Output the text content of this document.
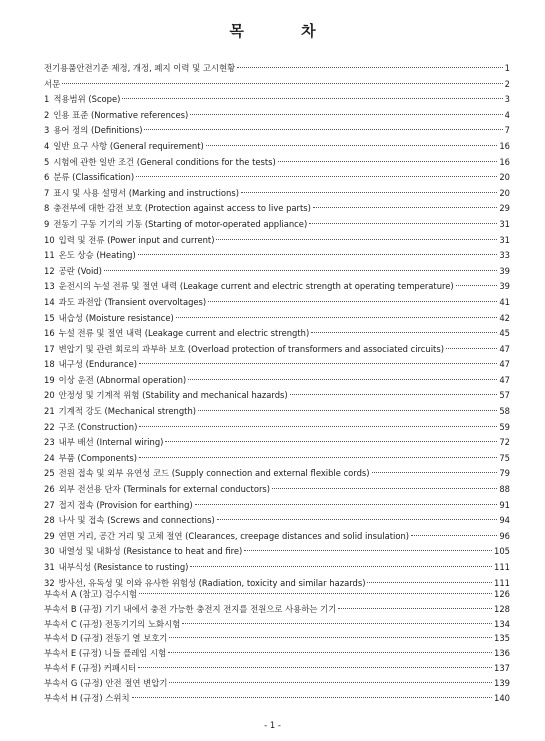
목 차
전기용품안전기준 제정, 개정, 폐지 이력 및 고시현황	1
서문	2
1 적용범위 (Scope)	3
2 인용 표준 (Normative references)	4
3 용어 정의 (Definitions)	7
4 일반 요구 사항 (General requirement)	16
5 시험에 관한 일반 조건 (General conditions for the tests)	16
6 분류 (Classification)	20
7 표시 및 사용 설명서 (Marking and instructions)	20
8 충전부에 대한 감전 보호 (Protection against access to live parts)	29
9 전동기 구동 기기의 기동 (Starting of motor-operated appliance)	31
10 입력 및 전류 (Power input and current)	31
11 온도 상승 (Heating)	33
12 공란 (Void)	39
13 운전시의 누설 전류 및 절연 내력 (Leakage current and electric strength at operating temperature)	39
14 과도 과전압 (Transient overvoltages)	41
15 내습성 (Moisture resistance)	42
16 누설 전류 및 절연 내력 (Leakage current and electric strength)	45
17 변압기 및 관련 회로의 과부하 보호 (Overload protection of transformers and associated circuits)	47
18 내구성 (Endurance)	47
19 이상 운전 (Abnormal operation)	47
20 안정성 및 기계적 위험 (Stability and mechanical hazards)	57
21 기계적 강도 (Mechanical strength)	58
22 구조 (Construction)	59
23 내부 배선 (Internal wiring)	72
24 부품 (Components)	75
25 전원 접속 및 외부 유연성 코드 (Supply connection and external flexible cords)	79
26 외부 전선용 단자 (Terminals for external conductors)	88
27 접지 접속 (Provision for earthing)	91
28 나사 및 접속 (Screws and connections)	94
29 연면 거리, 공간 거리 및 고체 절연 (Clearances, creepage distances and solid insulation)	96
30 내열성 및 내화성 (Resistance to heat and fire)	105
31 내부식성 (Resistance to rusting)	111
32 방사선, 유독성 및 이와 유사한 위험성 (Radiation, toxicity and similar hazards)	111
부속서 A (참고) 검수시험	126
부속서 B (규정) 기기 내에서 충전 가능한 충전지 전지를 전원으로 사용하는 기기	128
부속서 C (규정) 전동기기의 노화시험	134
부속서 D (규정) 전동기 열 보호기	135
부속서 E (규정) 니들 플레임 시험	136
부속서 F (규정) 커패시터	137
부속서 G (규정) 안전 절연 변압기	139
부속서 H (규정) 스위치	140
- 1 -
